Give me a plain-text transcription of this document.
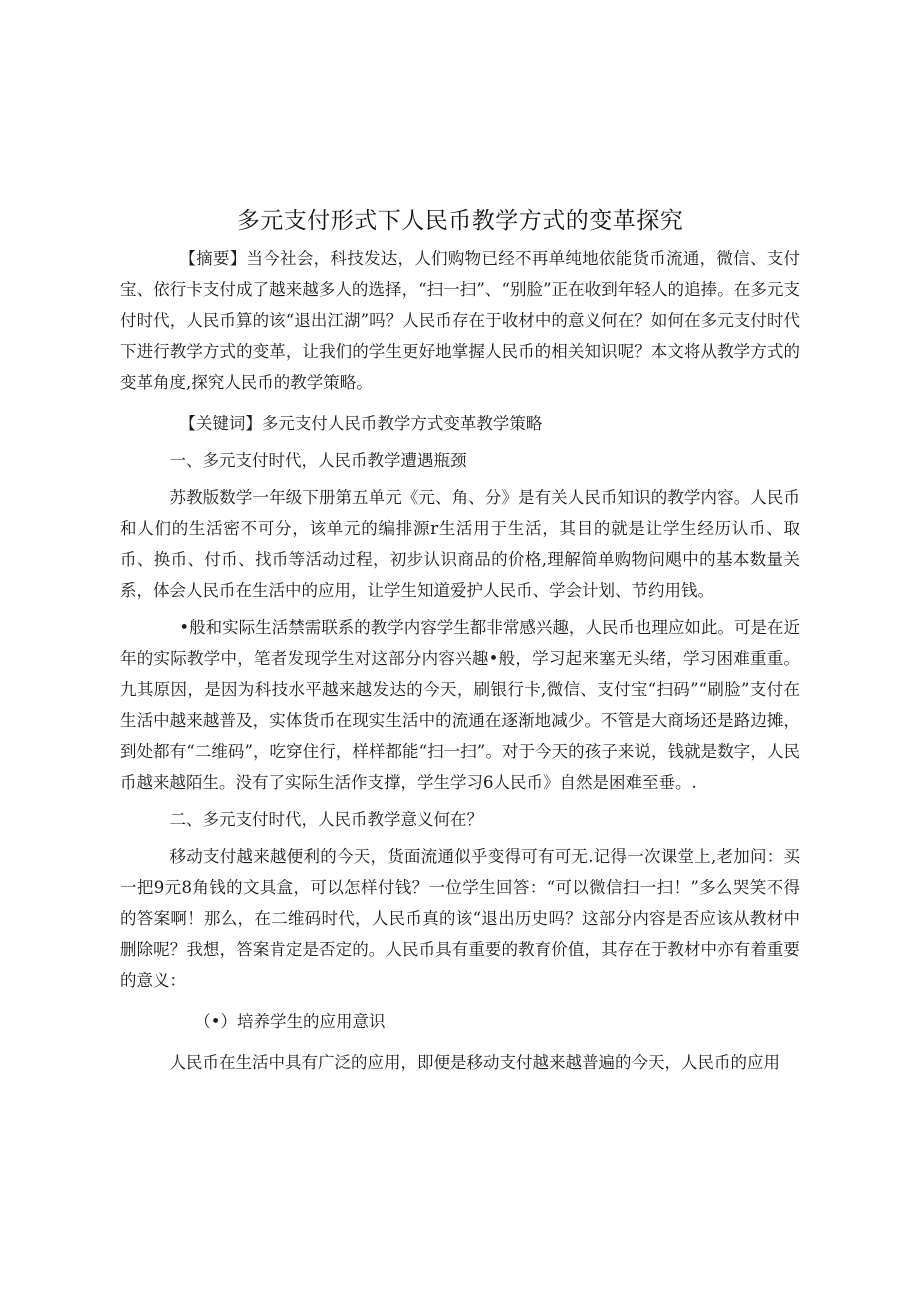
多元支付形式下人民币教学方式的变革探究

【摘要】当今社会，科技发达，人们购物已经不再单纯地依能货币流通，微信、支付宝、依行卡支付成了越来越多人的选择，“扫一扫”、“别脸”正在收到年轻人的追捧。在多元支付时代，人民币算的该“退出江湖”吗？人民币存在于收材中的意义何在？如何在多元支付时代下进行教学方式的变革，让我们的学生更好地掌握人民币的相关知识呢？本文将从教学方式的变革角度,探究人民币的教学策略。

【关键词】多元支付人民币教学方式变革教学策略

一、多元支付时代，人民币教学遭遇瓶颈

苏教版数学一年级下册第五单元《元、角、分》是有关人民币知识的教学内容。人民币和人们的生活密不可分，该单元的编排源r生活用于生活，其目的就是让学生经历认币、取币、换币、付币、找币等活动过程，初步认识商品的价格,理解简单购物问飓中的基本数量关系，体会人民币在生活中的应用，让学生知道爱护人民币、学会计划、节约用钱。

•般和实际生活禁需联系的教学内容学生都非常感兴趣，人民币也理应如此。可是在近年的实际教学中，笔者发现学生对这部分内容兴趣•般，学习起来塞无头绪，学习困难重重。九其原因，是因为科技水平越来越发达的今天，刷银行卡,微信、支付宝“扫码”“刷脸”支付在生活中越来越普及，实体货币在现实生活中的流通在逐渐地减少。不管是大商场还是路边摊，到处都有“二维码”，吃穿住行，样样都能“扫一扫”。对于今天的孩子来说，钱就是数字，人民币越来越陌生。没有了实际生活作支撑，学生学习6人民币》自然是困难至垂。.

二、多元支付时代，人民币教学意义何在？

移动支付越来越便利的今天，货面流通似乎变得可有可无.记得一次课堂上,老加问：买一把9元8角钱的文具盒，可以怎样付钱？一位学生回答：“可以微信扫一扫！”多么哭笑不得的答案啊！那么，在二维码时代，人民币真的该“退出历史吗？这部分内容是否应该从教材中删除呢？我想，答案肯定是否定的。人民币具有重要的教育价值，其存在于教材中亦有着重要的意义：

（•）培养学生的应用意识

人民币在生活中具有广泛的应用，即便是移动支付越来越普遍的今天，人民币的应用
